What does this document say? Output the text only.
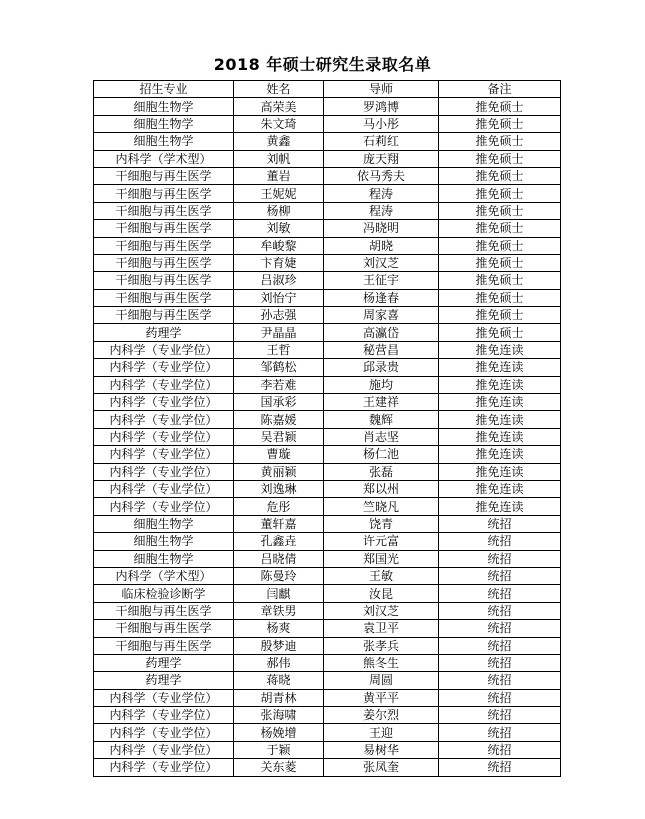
2018 年硕士研究生录取名单
招生专业	姓名	导师	备注
细胞生物学	高荣美	罗鸿博	推免硕士
细胞生物学	朱文琦	马小彤	推免硕士
细胞生物学	黄鑫	石莉红	推免硕士
内科学（学术型）	刘帆	庞天翔	推免硕士
干细胞与再生医学	董岩	依马秀夫	推免硕士
干细胞与再生医学	王妮妮	程涛	推免硕士
干细胞与再生医学	杨柳	程涛	推免硕士
干细胞与再生医学	刘敏	冯晓明	推免硕士
干细胞与再生医学	牟峻黎	胡晓	推免硕士
干细胞与再生医学	卞育婕	刘汉芝	推免硕士
干细胞与再生医学	吕淑珍	王征宇	推免硕士
干细胞与再生医学	刘怡宁	杨逢春	推免硕士
干细胞与再生医学	孙志强	周家喜	推免硕士
药理学	尹晶晶	高瀛岱	推免硕士
内科学（专业学位）	王哲	秘营昌	推免连读
内科学（专业学位）	邹鹤松	邱录贵	推免连读
内科学（专业学位）	李若难	施均	推免连读
内科学（专业学位）	国承彩	王建祥	推免连读
内科学（专业学位）	陈嘉媛	魏辉	推免连读
内科学（专业学位）	吴君颖	肖志坚	推免连读
内科学（专业学位）	曹璇	杨仁池	推免连读
内科学（专业学位）	黄丽颖	张磊	推免连读
内科学（专业学位）	刘逸琳	郑以州	推免连读
内科学（专业学位）	危彤	竺晓凡	推免连读
细胞生物学	董轩嘉	饶青	统招
细胞生物学	孔鑫垚	许元富	统招
细胞生物学	吕晓倩	郑国光	统招
内科学（学术型）	陈曼玲	王敏	统招
临床检验诊断学	闫麒	汝昆	统招
干细胞与再生医学	章铁男	刘汉芝	统招
干细胞与再生医学	杨爽	袁卫平	统招
干细胞与再生医学	殷梦迪	张孝兵	统招
药理学	郝伟	熊冬生	统招
药理学	蒋晓	周圆	统招
内科学（专业学位）	胡青林	黄平平	统招
内科学（专业学位）	张海啸	姜尔烈	统招
内科学（专业学位）	杨娩增	王迎	统招
内科学（专业学位）	于颖	易树华	统招
内科学（专业学位）	关东菱	张凤奎	统招
